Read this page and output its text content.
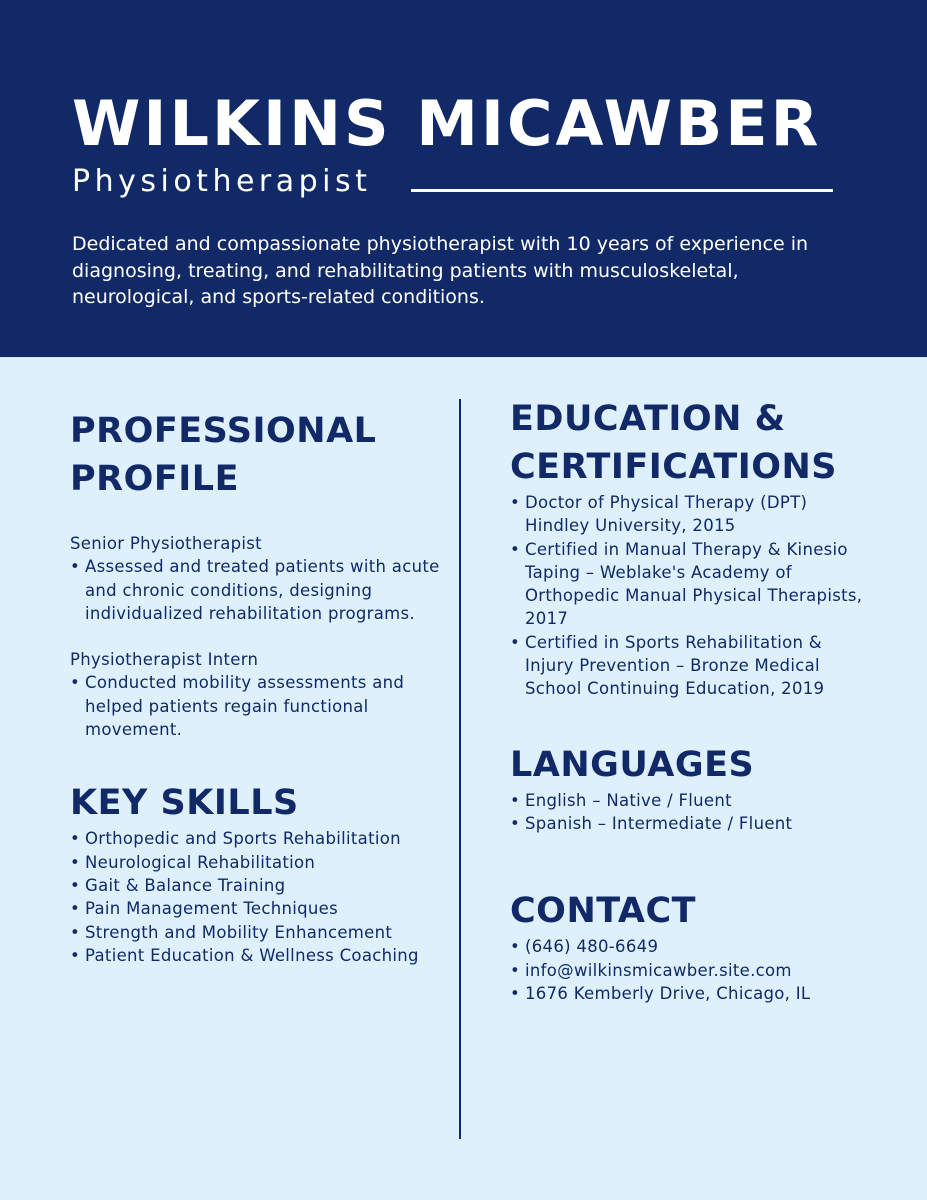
WILKINS MICAWBER
Physiotherapist

Dedicated and compassionate physiotherapist with 10 years of experience in diagnosing, treating, and rehabilitating patients with musculoskeletal, neurological, and sports-related conditions.

PROFESSIONAL
PROFILE

Senior Physiotherapist

• Assessed and treated patients with acute and chronic conditions, designing individualized rehabilitation programs.

Physiotherapist Intern

• Conducted mobility assessments and helped patients regain functional movement.
KEY SKILLS
• Orthopedic and Sports Rehabilitation
• Neurological Rehabilitation
• Gait & Balance Training
• Pain Management Techniques
• Strength and Mobility Enhancement
• Patient Education & Wellness Coaching
EDUCATION &
CERTIFICATIONS
• Doctor of Physical Therapy (DPT) Hindley University, 2015
• Certified in Manual Therapy & Kinesio Taping – Weblake's Academy of Orthopedic Manual Physical Therapists, 2017
• Certified in Sports Rehabilitation & Injury Prevention – Bronze Medical School Continuing Education, 2019
LANGUAGES
• English – Native / Fluent
• Spanish – Intermediate / Fluent
CONTACT
• (646) 480-6649
• info@wilkinsmicawber.site.com
• 1676 Kemberly Drive, Chicago, IL
